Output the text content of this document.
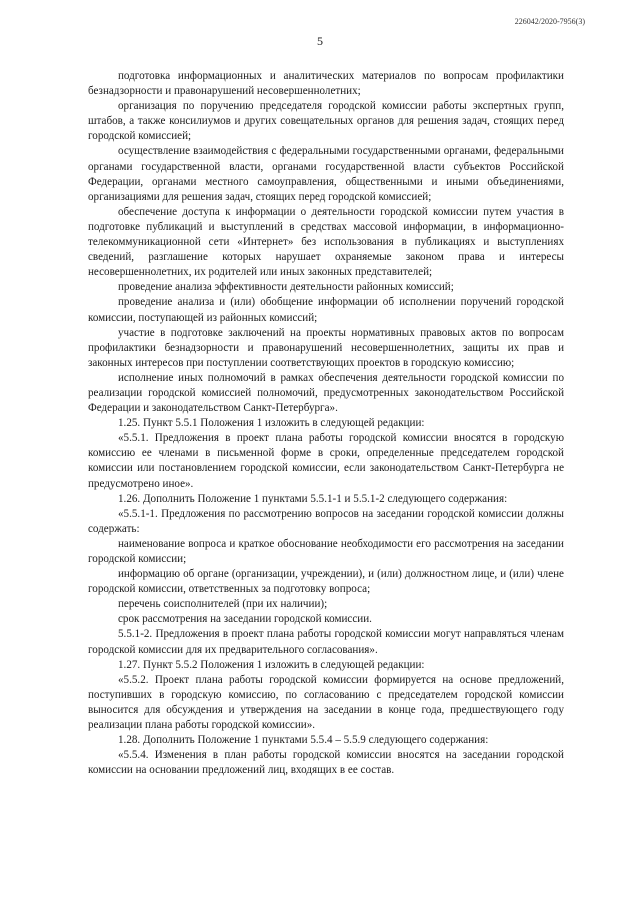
226042/2020-7956(3)
5

подготовка информационных и аналитических материалов по вопросам профилактики безнадзорности и правонарушений несовершеннолетних;

организация по поручению председателя городской комиссии работы экспертных групп, штабов, а также консилиумов и других совещательных органов для решения задач, стоящих перед городской комиссией;

осуществление взаимодействия с федеральными государственными органами, федеральными органами государственной власти, органами государственной власти субъектов Российской Федерации, органами местного самоуправления, общественными и иными объединениями, организациями для решения задач, стоящих перед городской комиссией;

обеспечение доступа к информации о деятельности городской комиссии путем участия в подготовке публикаций и выступлений в средствах массовой информации, в информационно-телекоммуникационной сети «Интернет» без использования в публикациях и выступлениях сведений, разглашение которых нарушает охраняемые законом права и интересы несовершеннолетних, их родителей или иных законных представителей;

проведение анализа эффективности деятельности районных комиссий;

проведение анализа и (или) обобщение информации об исполнении поручений городской комиссии, поступающей из районных комиссий;

участие в подготовке заключений на проекты нормативных правовых актов по вопросам профилактики безнадзорности и правонарушений несовершеннолетних, защиты их прав и законных интересов при поступлении соответствующих проектов в городскую комиссию;

исполнение иных полномочий в рамках обеспечения деятельности городской комиссии по реализации городской комиссией полномочий, предусмотренных законодательством Российской Федерации и законодательством Санкт-Петербурга».

1.25. Пункт 5.5.1 Положения 1 изложить в следующей редакции:

«5.5.1. Предложения в проект плана работы городской комиссии вносятся в городскую комиссию ее членами в письменной форме в сроки, определенные председателем городской комиссии или постановлением городской комиссии, если законодательством Санкт-Петербурга не предусмотрено иное».

1.26. Дополнить Положение 1 пунктами 5.5.1-1 и 5.5.1-2 следующего содержания:

«5.5.1-1. Предложения по рассмотрению вопросов на заседании городской комиссии должны содержать:

наименование вопроса и краткое обоснование необходимости его рассмотрения на заседании городской комиссии;

информацию об органе (организации, учреждении), и (или) должностном лице, и (или) члене городской комиссии, ответственных за подготовку вопроса;

перечень соисполнителей (при их наличии);

срок рассмотрения на заседании городской комиссии.

5.5.1-2. Предложения в проект плана работы городской комиссии могут направляться членам городской комиссии для их предварительного согласования».

1.27. Пункт 5.5.2 Положения 1 изложить в следующей редакции:

«5.5.2. Проект плана работы городской комиссии формируется на основе предложений, поступивших в городскую комиссию, по согласованию с председателем городской комиссии выносится для обсуждения и утверждения на заседании в конце года, предшествующего году реализации плана работы городской комиссии».

1.28. Дополнить Положение 1 пунктами 5.5.4 – 5.5.9 следующего содержания:

«5.5.4. Изменения в план работы городской комиссии вносятся на заседании городской комиссии на основании предложений лиц, входящих в ее состав.
